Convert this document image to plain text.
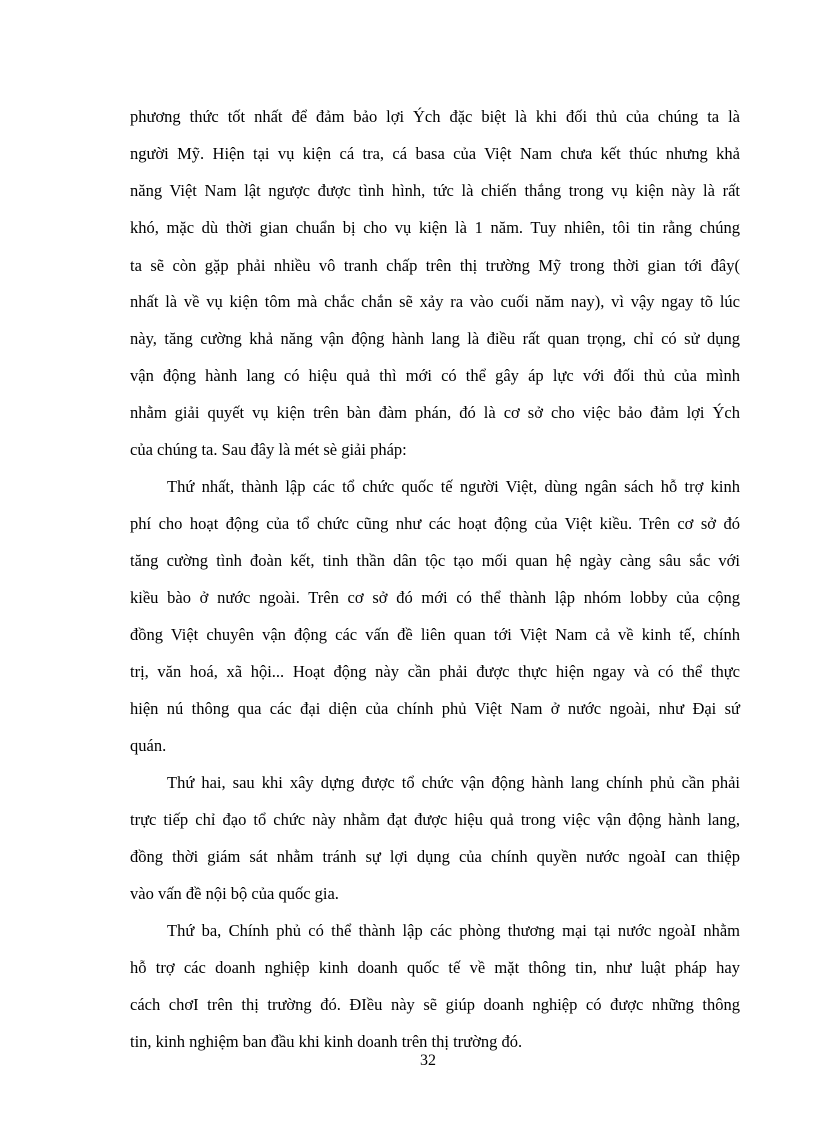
phương thức tốt nhất để đảm bảo lợi Ých đặc biệt là khi đối thủ của chúng ta là
người Mỹ. Hiện tại vụ kiện cá tra, cá basa của Việt Nam chưa kết thúc nhưng khả
năng Việt Nam lật ngược được tình hình, tức là chiến thắng trong vụ kiện này là rất
khó, mặc dù thời gian chuẩn bị cho vụ kiện là 1 năm. Tuy nhiên, tôi tin rằng chúng
ta sẽ còn gặp phải nhiều vô tranh chấp trên thị trường Mỹ trong thời gian tới đây(
nhất là về vụ kiện tôm mà chắc chắn sẽ xảy ra vào cuối năm nay), vì vậy ngay tõ lúc
này, tăng cường khả năng vận động hành lang là điều rất quan trọng, chỉ có sử dụng
vận động hành lang có hiệu quả thì mới có thể gây áp lực với đối thủ của mình
nhằm giải quyết vụ kiện trên bàn đàm phán, đó là cơ sở cho việc bảo đảm lợi Ých
của chúng ta. Sau đây là mét sè giải pháp:
Thứ nhất, thành lập các tổ chức quốc tế người Việt, dùng ngân sách hỗ trợ kinh
phí cho hoạt động của tổ chức cũng như các hoạt động của Việt kiều. Trên cơ sở đó
tăng cường tình đoàn kết, tinh thần dân tộc tạo mối quan hệ ngày càng sâu sắc với
kiều bào ở nước ngoài. Trên cơ sở đó mới có thể thành lập nhóm lobby của cộng
đồng Việt chuyên vận động các vấn đề liên quan tới Việt Nam cả về kinh tế, chính
trị, văn hoá, xã hội... Hoạt động này cần phải được thực hiện ngay và có thể thực
hiện nú thông qua các đại diện của chính phủ Việt Nam ở nước ngoài, như Đại sứ
quán.
Thứ hai, sau khi xây dựng được tổ chức vận động hành lang chính phủ cần phải
trực tiếp chỉ đạo tổ chức này nhằm đạt được hiệu quả trong việc vận động hành lang,
đồng thời giám sát nhằm tránh sự lợi dụng của chính quyền nước ngoàI can thiệp
vào vấn đề nội bộ của quốc gia.
Thứ ba, Chính phủ có thể thành lập các phòng thương mại tại nước ngoàI nhằm
hỗ trợ các doanh nghiệp kinh doanh quốc tế về mặt thông tin, như luật pháp hay
cách chơI trên thị trường đó. ĐIều này sẽ giúp doanh nghiệp có được những thông
tin, kinh nghiệm ban đầu khi kinh doanh trên thị trường đó.
32
